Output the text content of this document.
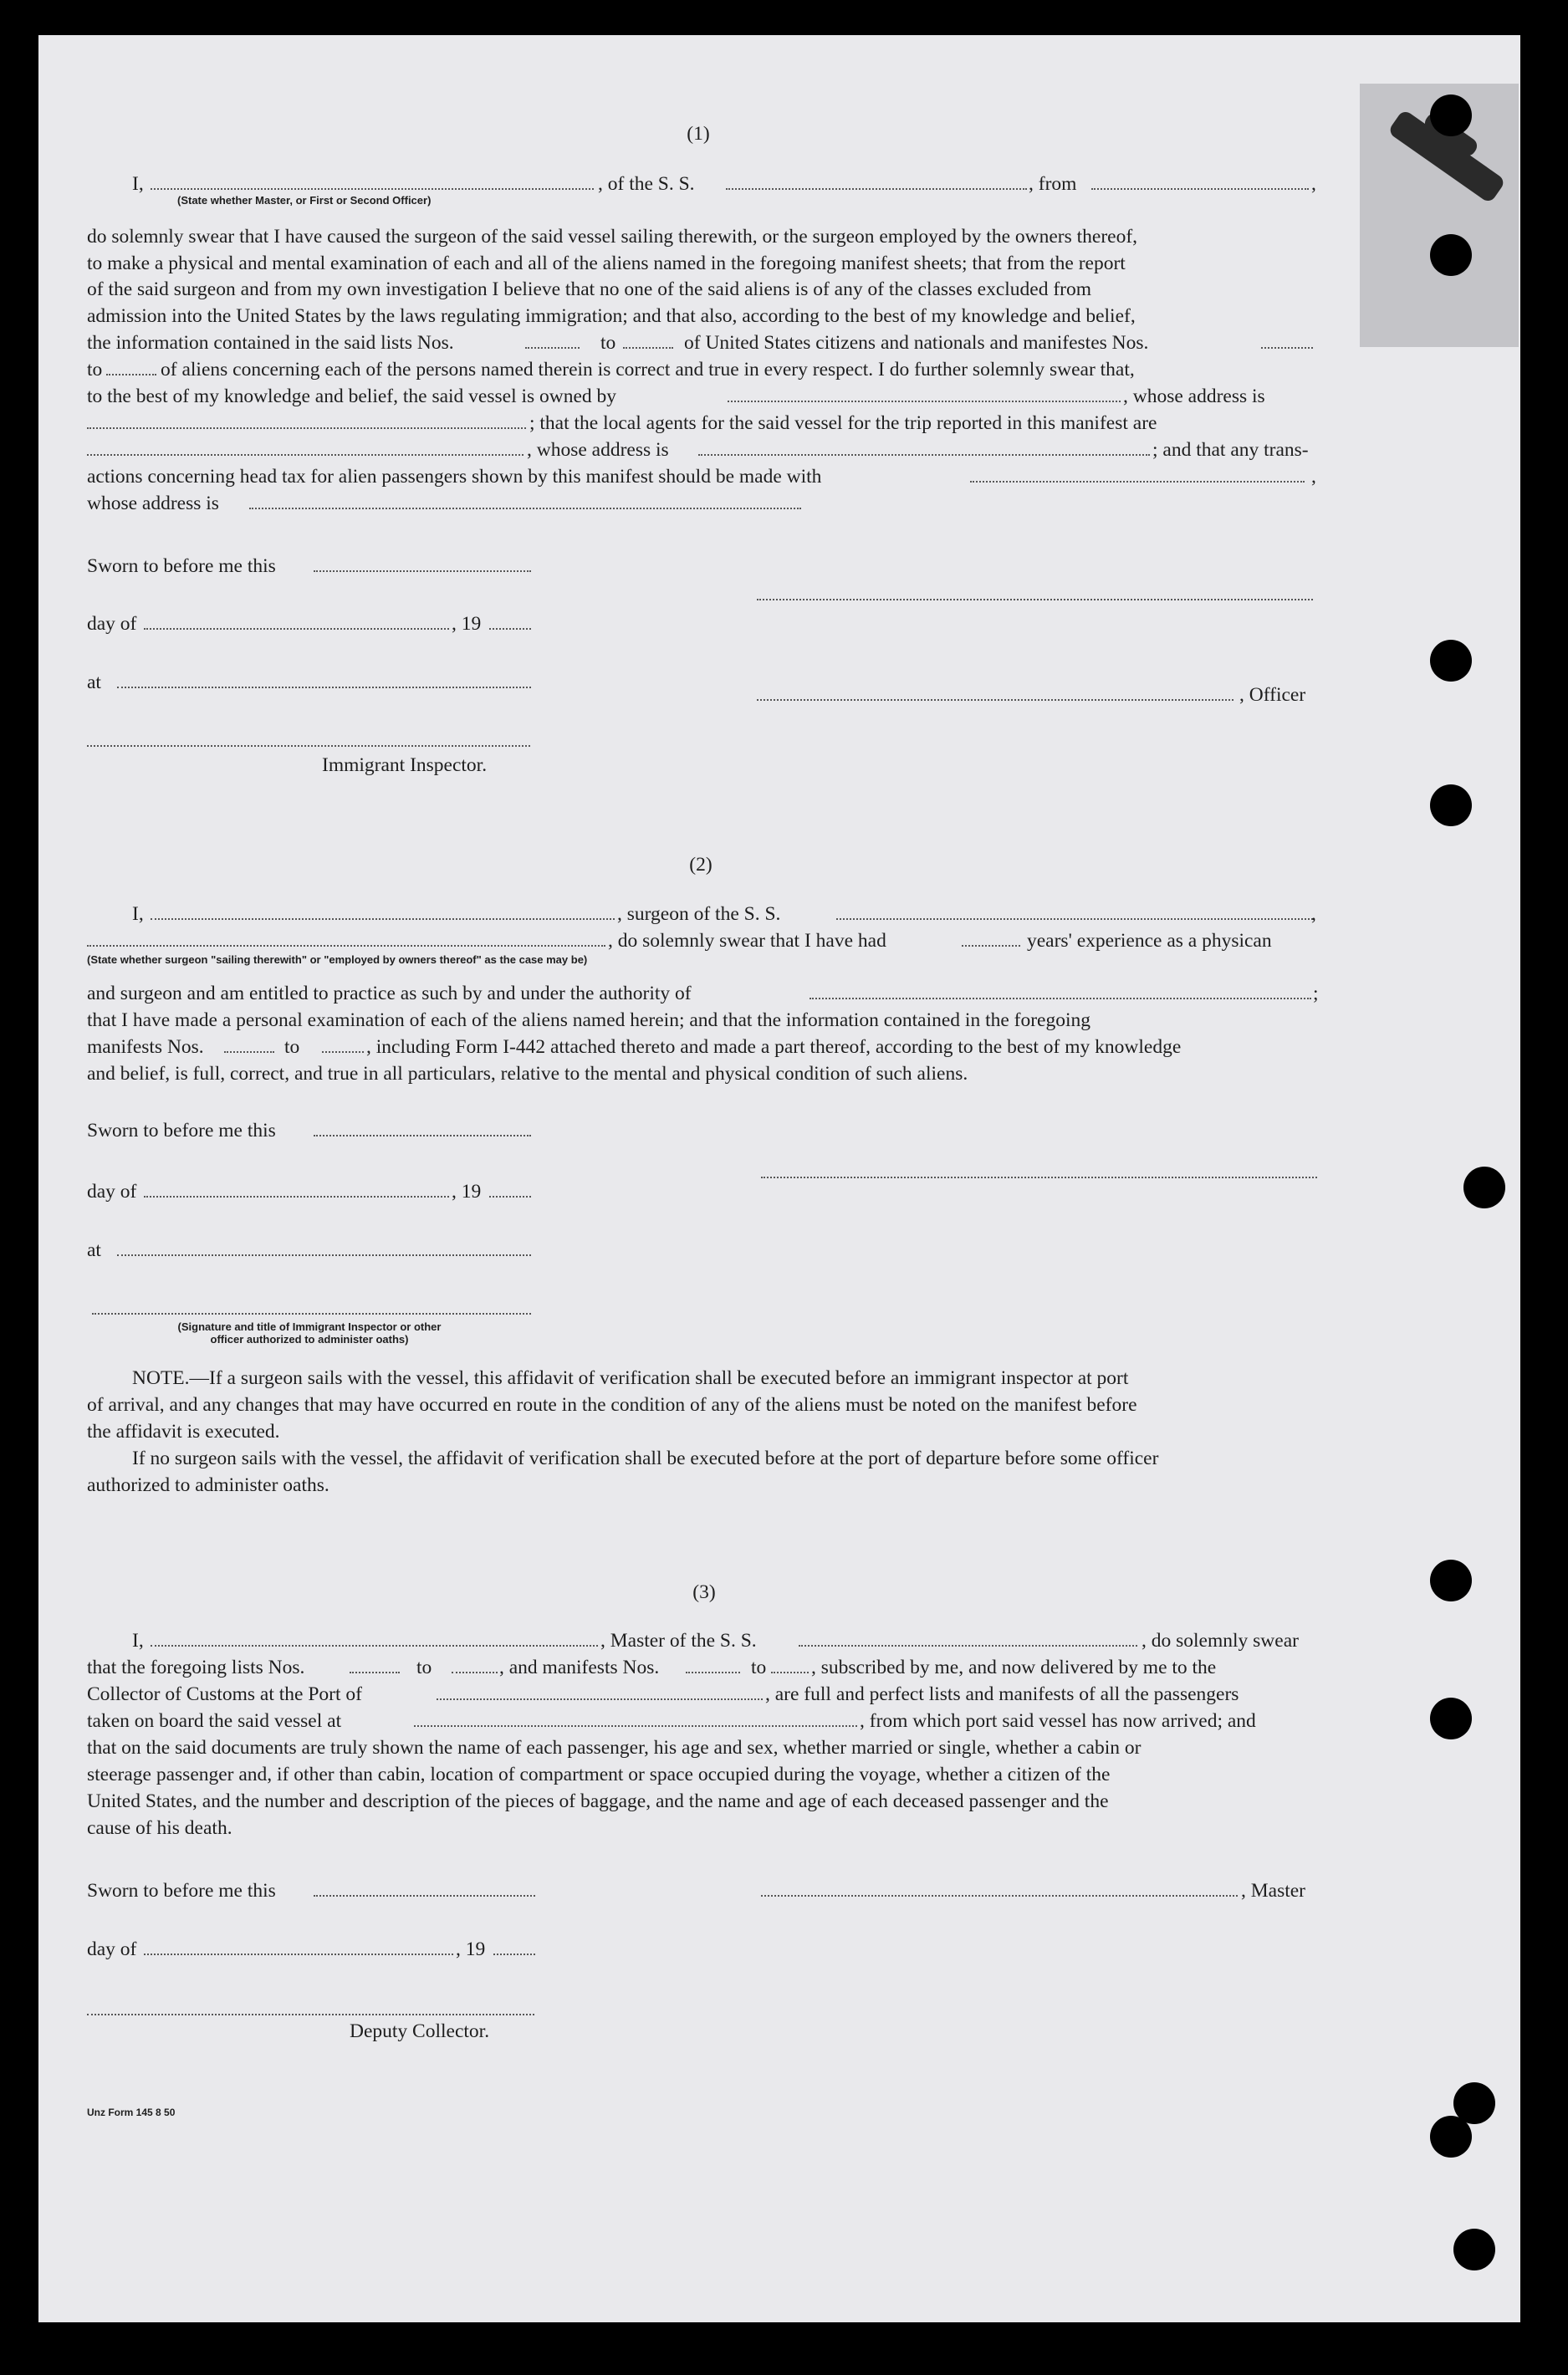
(1)
I,	, of the S. S.	, from	,
(State whether Master, or First or Second Officer)
do solemnly swear that I have caused the surgeon of the said vessel sailing therewith, or the surgeon employed by the owners thereof,
to make a physical and mental examination of each and all of the aliens named in the foregoing manifest sheets; that from the report
of the said surgeon and from my own investigation I believe that no one of the said aliens is of any of the classes excluded from
admission into the United States by the laws regulating immigration; and that also, according to the best of my knowledge and belief,
the information contained in the said lists Nos.	to	of United States citizens and nationals and manifestes Nos.
to	of aliens concerning each of the persons named therein is correct and true in every respect. I do further solemnly swear that,
to the best of my knowledge and belief, the said vessel is owned by	, whose address is
; that the local agents for the said vessel for the trip reported in this manifest are
, whose address is	; and that any trans-
actions concerning head tax for alien passengers shown by this manifest should be made with	,
whose address is
Sworn to before me this
day of	, 19
at
, Officer
Immigrant Inspector.
(2)
I,	, surgeon of the S. S.	,
, do solemnly swear that I have had	years' experience as a physican
(State whether surgeon "sailing therewith" or "employed by owners thereof" as the case may be)
and surgeon and am entitled to practice as such by and under the authority of	;
that I have made a personal examination of each of the aliens named herein; and that the information contained in the foregoing
manifests Nos.	to	, including Form I-442 attached thereto and made a part thereof, according to the best of my knowledge
and belief, is full, correct, and true in all particulars, relative to the mental and physical condition of such aliens.
Sworn to before me this
day of	, 19
at
(Signature and title of Immigrant Inspector or other
officer authorized to administer oaths)
NOTE.—If a surgeon sails with the vessel, this affidavit of verification shall be executed before an immigrant inspector at port
of arrival, and any changes that may have occurred en route in the condition of any of the aliens must be noted on the manifest before
the affidavit is executed.
If no surgeon sails with the vessel, the affidavit of verification shall be executed before at the port of departure before some officer
authorized to administer oaths.
(3)
I,	, Master of the S. S.	, do solemnly swear
that the foregoing lists Nos.	to	, and manifests Nos.	to , subscribed by me, and now delivered by me to the
Collector of Customs at the Port of	, are full and perfect lists and manifests of all the passengers
taken on board the said vessel at	, from which port said vessel has now arrived; and
that on the said documents are truly shown the name of each passenger, his age and sex, whether married or single, whether a cabin or
steerage passenger and, if other than cabin, location of compartment or space occupied during the voyage, whether a citizen of the
United States, and the number and description of the pieces of baggage, and the name and age of each deceased passenger and the
cause of his death.
Sworn to before me this	, Master
day of	, 19
Deputy Collector.
Unz Form 145 8 50
